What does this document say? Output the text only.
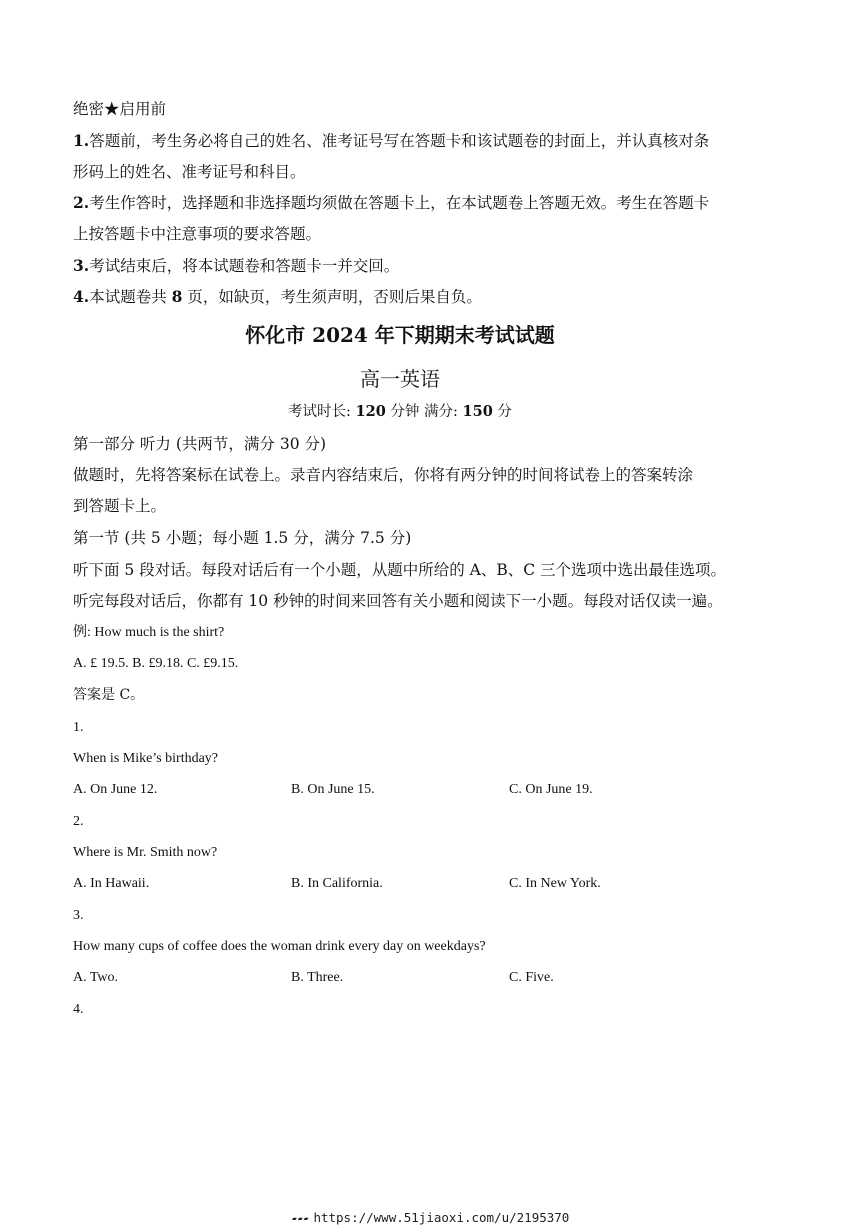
绝密★启用前
1.答题前，考生务必将自己的姓名、准考证号写在答题卡和该试题卷的封面上，并认真核对条
形码上的姓名、准考证号和科目。
2.考生作答时，选择题和非选择题均须做在答题卡上，在本试题卷上答题无效。考生在答题卡
上按答题卡中注意事项的要求答题。
3.考试结束后，将本试题卷和答题卡一并交回。
4.本试题卷共 8 页，如缺页，考生须声明，否则后果自负。
怀化市 2024 年下期期末考试试题
高一英语
考试时长: 120 分钟 满分: 150 分
第一部分 听力 (共两节，满分 30 分)
做题时，先将答案标在试卷上。录音内容结束后，你将有两分钟的时间将试卷上的答案转涂
到答题卡上。
第一节 (共 5 小题；每小题 1.5 分，满分 7.5 分)
听下面 5 段对话。每段对话后有一个小题，从题中所给的 A、B、C 三个选项中选出最佳选项。
听完每段对话后，你都有 10 秒钟的时间来回答有关小题和阅读下一小题。每段对话仅读一遍。
例: How much is the shirt?
A. £ 19.5. B. £9.18. C. £9.15.
答案是 C。
1.
When is Mike’s birthday?
A. On June 12.	B. On June 15.	C. On June 19.
2.
Where is Mr. Smith now?
A. In Hawaii.	B. In California.	C. In New York.
3.
How many cups of coffee does the woman drink every day on weekdays?
A. Two.	B. Three.	C. Five.
4.
▰▰▰ https://www.51jiaoxi.com/u/2195370
